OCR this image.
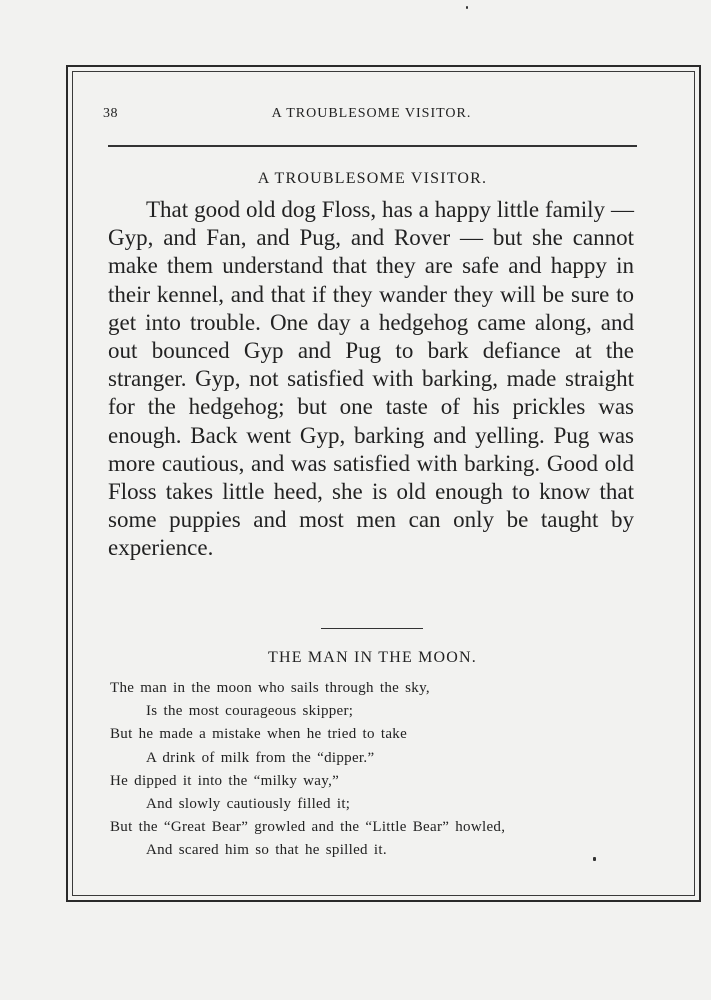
38	A TROUBLESOME VISITOR.
A TROUBLESOME VISITOR.

That good old dog Floss, has a happy little family — Gyp, and Fan, and Pug, and Rover — but she cannot make them understand that they are safe and happy in their kennel, and that if they wander they will be sure to get into trouble. One day a hedgehog came along, and out bounced Gyp and Pug to bark defiance at the stranger. Gyp, not satisfied with barking, made straight for the hedgehog; but one taste of his prickles was enough. Back went Gyp, barking and yelling. Pug was more cautious, and was satisfied with barking. Good old Floss takes little heed, she is old enough to know that some puppies and most men can only be taught by experience.

THE MAN IN THE MOON.
The man in the moon who sails through the sky,
Is the most courageous skipper;
But he made a mistake when he tried to take
A drink of milk from the “dipper.”
He dipped it into the “milky way,”
And slowly cautiously filled it;
But the “Great Bear” growled and the “Little Bear” howled,
And scared him so that he spilled it.
